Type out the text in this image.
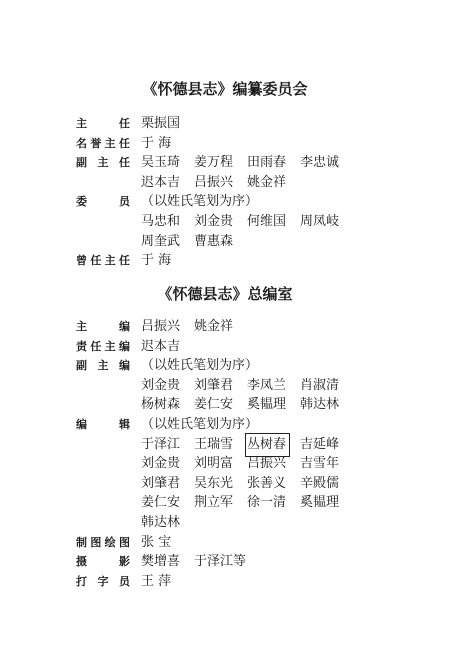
《怀德县志》编纂委员会
主	任 栗振国
名 誉 主 任 于 海
副 主 任 吴玉琦	姜万程	田雨春	李忠诚
迟本吉	吕振兴	姚金祥
委	员 （以姓氏笔划为序）
马忠和	刘金贵	何维国	周凤岐
周奎武	曹惠森
曾 任 主 任 于 海
《怀德县志》总编室
主	编 吕振兴	姚金祥
责 任 主 编 迟本吉
副 主 编 （以姓氏笔划为序）
刘金贵	刘肇君	李凤兰	肖淑清
杨树森	姜仁安	奚韫理	韩达林
编	辑 （以姓氏笔划为序）
于泽江	王瑞雪	丛树春 吉延峰
刘金贵	刘明富	吕振兴	吉雪年
刘肇君	吴东光	张善义	辛殿儒
姜仁安	荆立军	徐一清	奚韫理
韩达林
制 图 绘 图 张 宝
摄	影 樊增喜	于泽江等
打 字 员 王 萍
